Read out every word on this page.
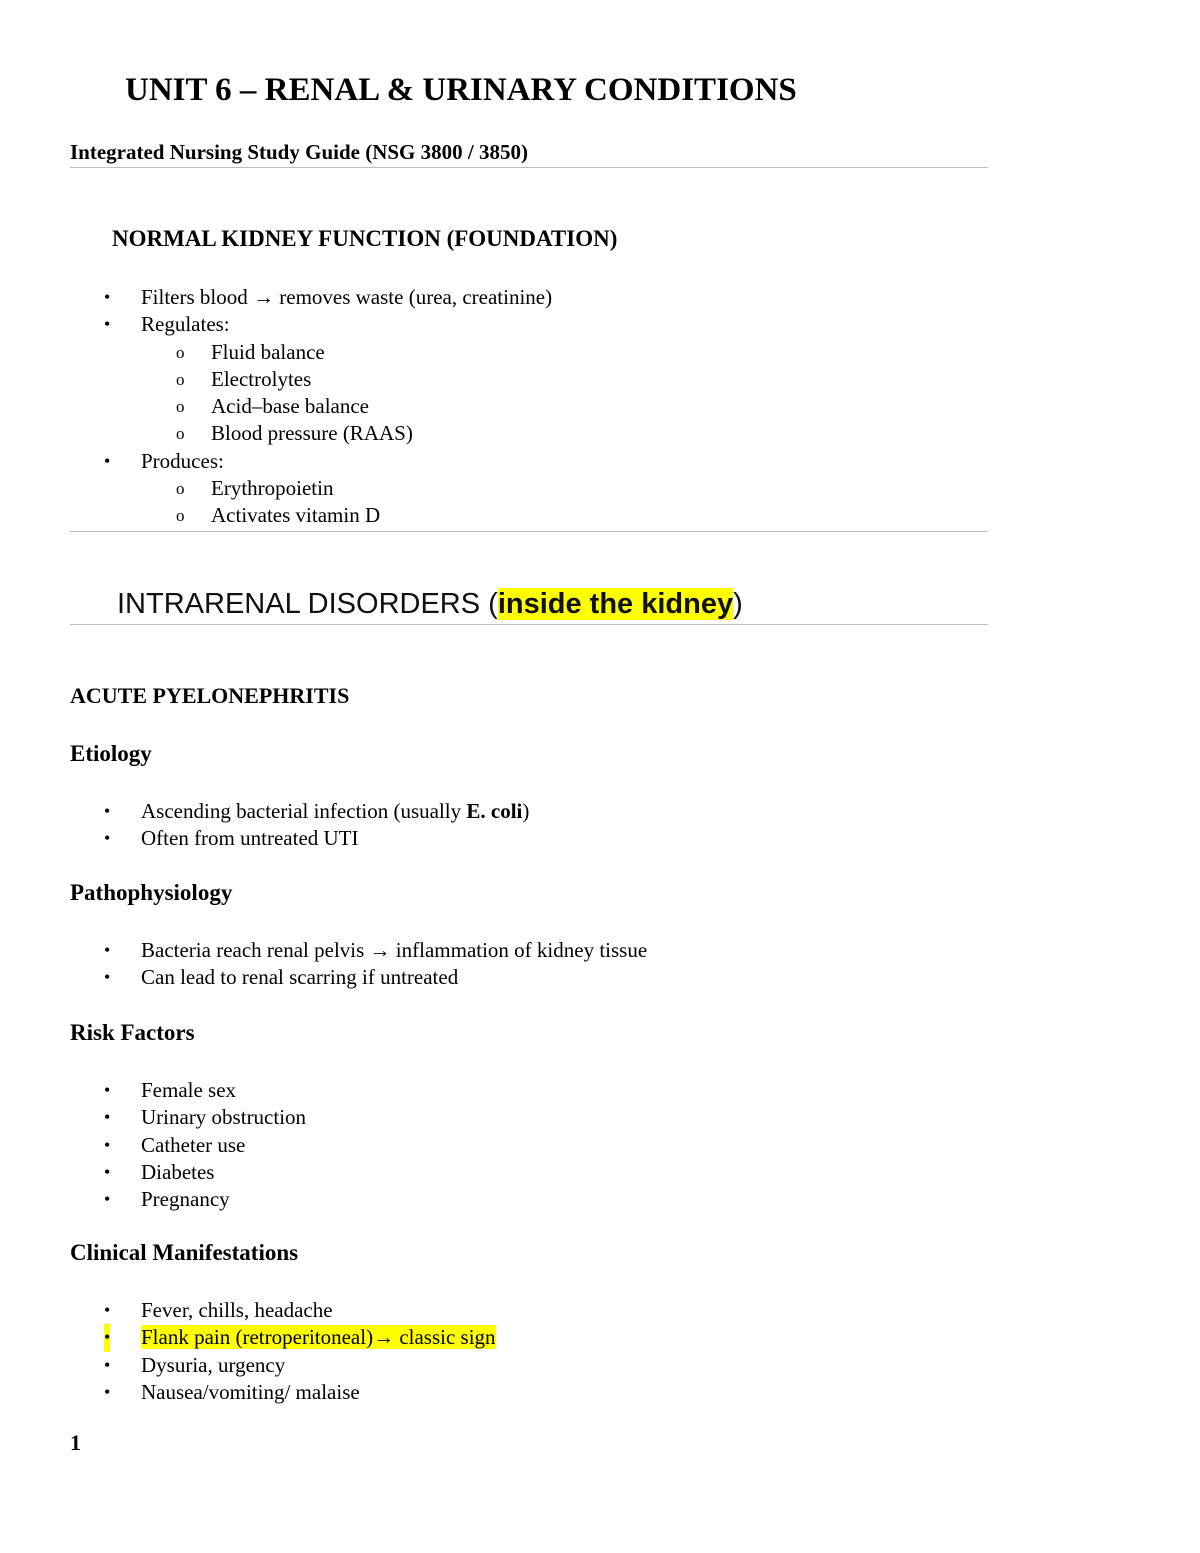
UNIT 6 – RENAL & URINARY CONDITIONS
Integrated Nursing Study Guide (NSG 3800 / 3850)
NORMAL KIDNEY FUNCTION (FOUNDATION)
• Filters blood → removes waste (urea, creatinine)
• Regulates:
o Fluid balance
o Electrolytes
o Acid–base balance
o Blood pressure (RAAS)
• Produces:
o Erythropoietin
o Activates vitamin D
INTRARENAL DISORDERS (inside the kidney)
ACUTE PYELONEPHRITIS
Etiology
• Ascending bacterial infection (usually E. coli)
• Often from untreated UTI
Pathophysiology
• Bacteria reach renal pelvis → inflammation of kidney tissue
• Can lead to renal scarring if untreated
Risk Factors
• Female sex
• Urinary obstruction
• Catheter use
• Diabetes
• Pregnancy
Clinical Manifestations
• Fever, chills, headache
• Flank pain (retroperitoneal)→ classic sign
• Dysuria, urgency
• Nausea/vomiting/ malaise
1
